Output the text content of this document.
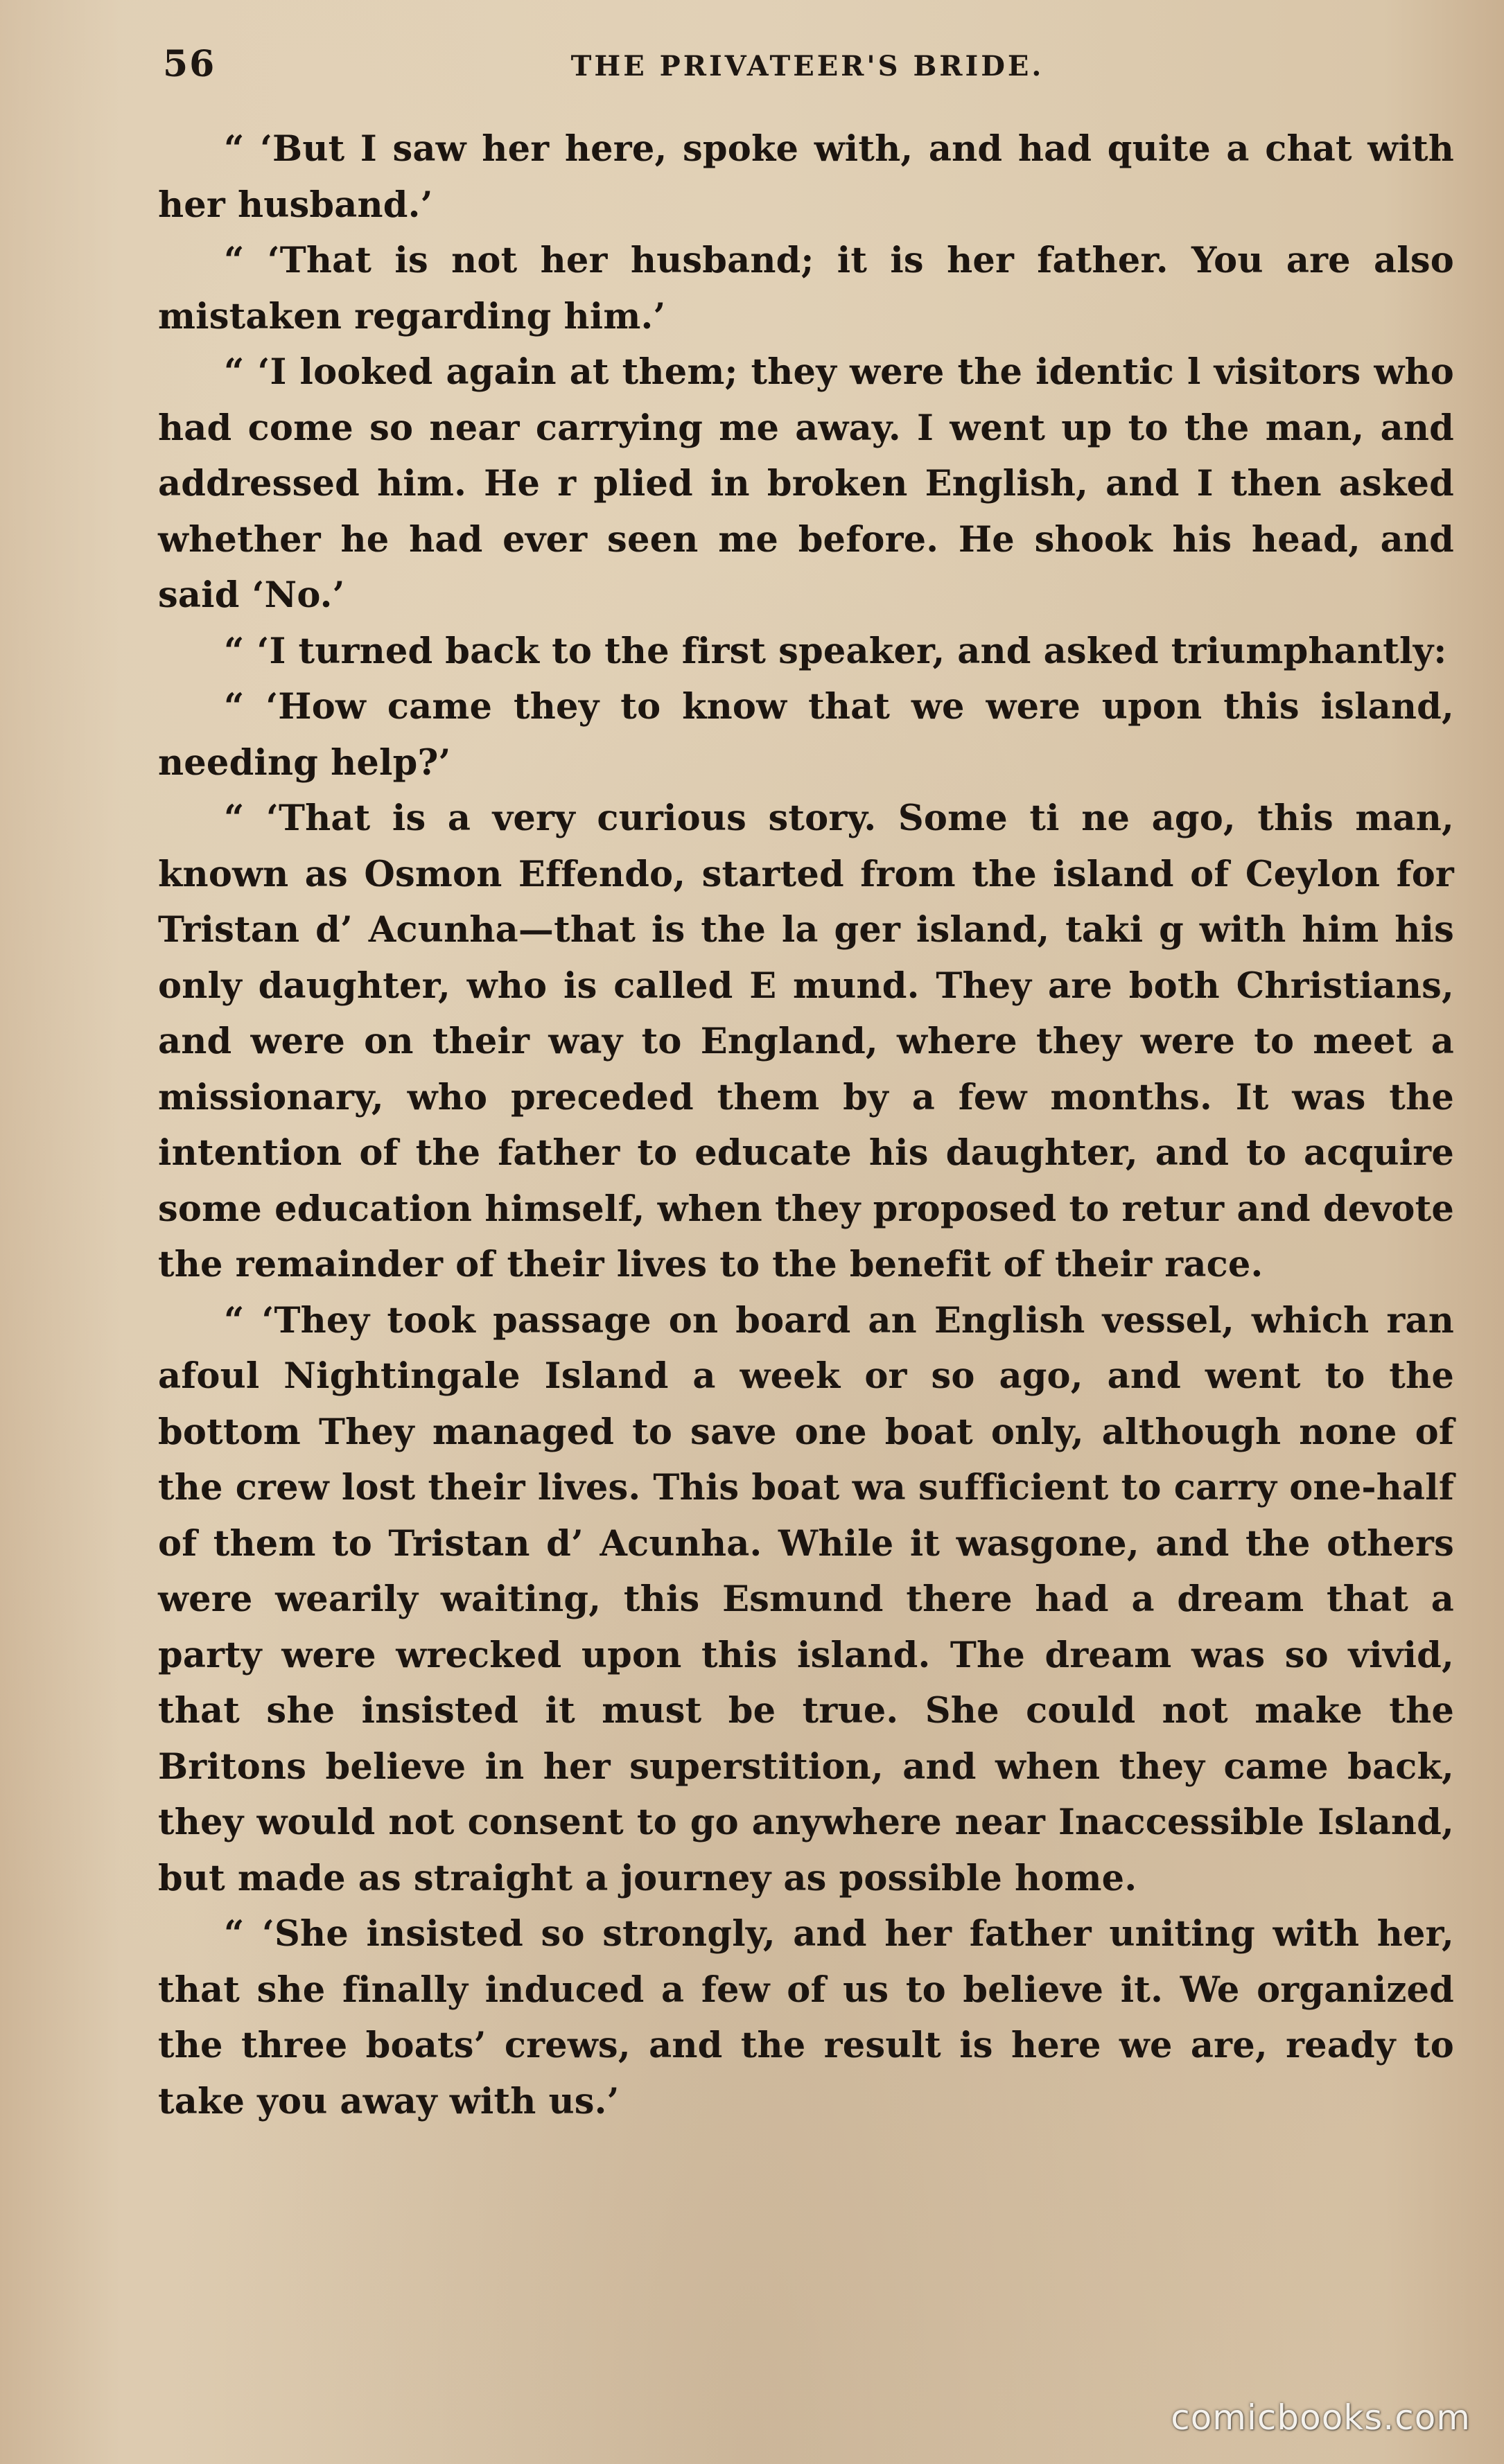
56	THE PRIVATEER'S BRIDE.

“ ‘But I saw her here, spoke with, and had quite a chat with her husband.’

“ ‘That is not her husband; it is her father. You are also mistaken regarding him.’

“ ‘I looked again at them; they were the identic l visitors who had come so near carrying me away. I went up to the man, and addressed him. He r plied in broken English, and I then asked whether he had ever seen me before. He shook his head, and said ‘No.’

“ ‘I turned back to the first speaker, and asked triumphantly:

“ ‘How came they to know that we were upon this island, needing help?’

“ ‘That is a very curious story. Some ti ne ago, this man, known as Osmon Effendo, started from the island of Ceylon for Tristan d’ Acunha—that is the la ger island, taki g with him his only daughter, who is called E mund. They are both Christians, and were on their way to England, where they were to meet a missionary, who preceded them by a few months. It was the intention of the father to educate his daughter, and to acquire some education himself, when they proposed to retur and devote the remainder of their lives to the benefit of their race.

“ ‘They took passage on board an English vessel, which ran afoul Nightingale Island a week or so ago, and went to the bottom They managed to save one boat only, although none of the crew lost their lives. This boat wa sufficient to carry one-half of them to Tristan d’ Acunha. While it wasgone, and the others were wearily waiting, this Esmund there had a dream that a party were wrecked upon this island. The dream was so vivid, that she insisted it must be true. She could not make the Britons believe in her superstition, and when they came back, they would not consent to go anywhere near Inaccessible Island, but made as straight a journey as possible home.

“ ‘She insisted so strongly, and her father uniting with her, that she finally induced a few of us to believe it. We organized the three boats’ crews, and the result is here we are, ready to take you away with us.’

comicbooks.com
